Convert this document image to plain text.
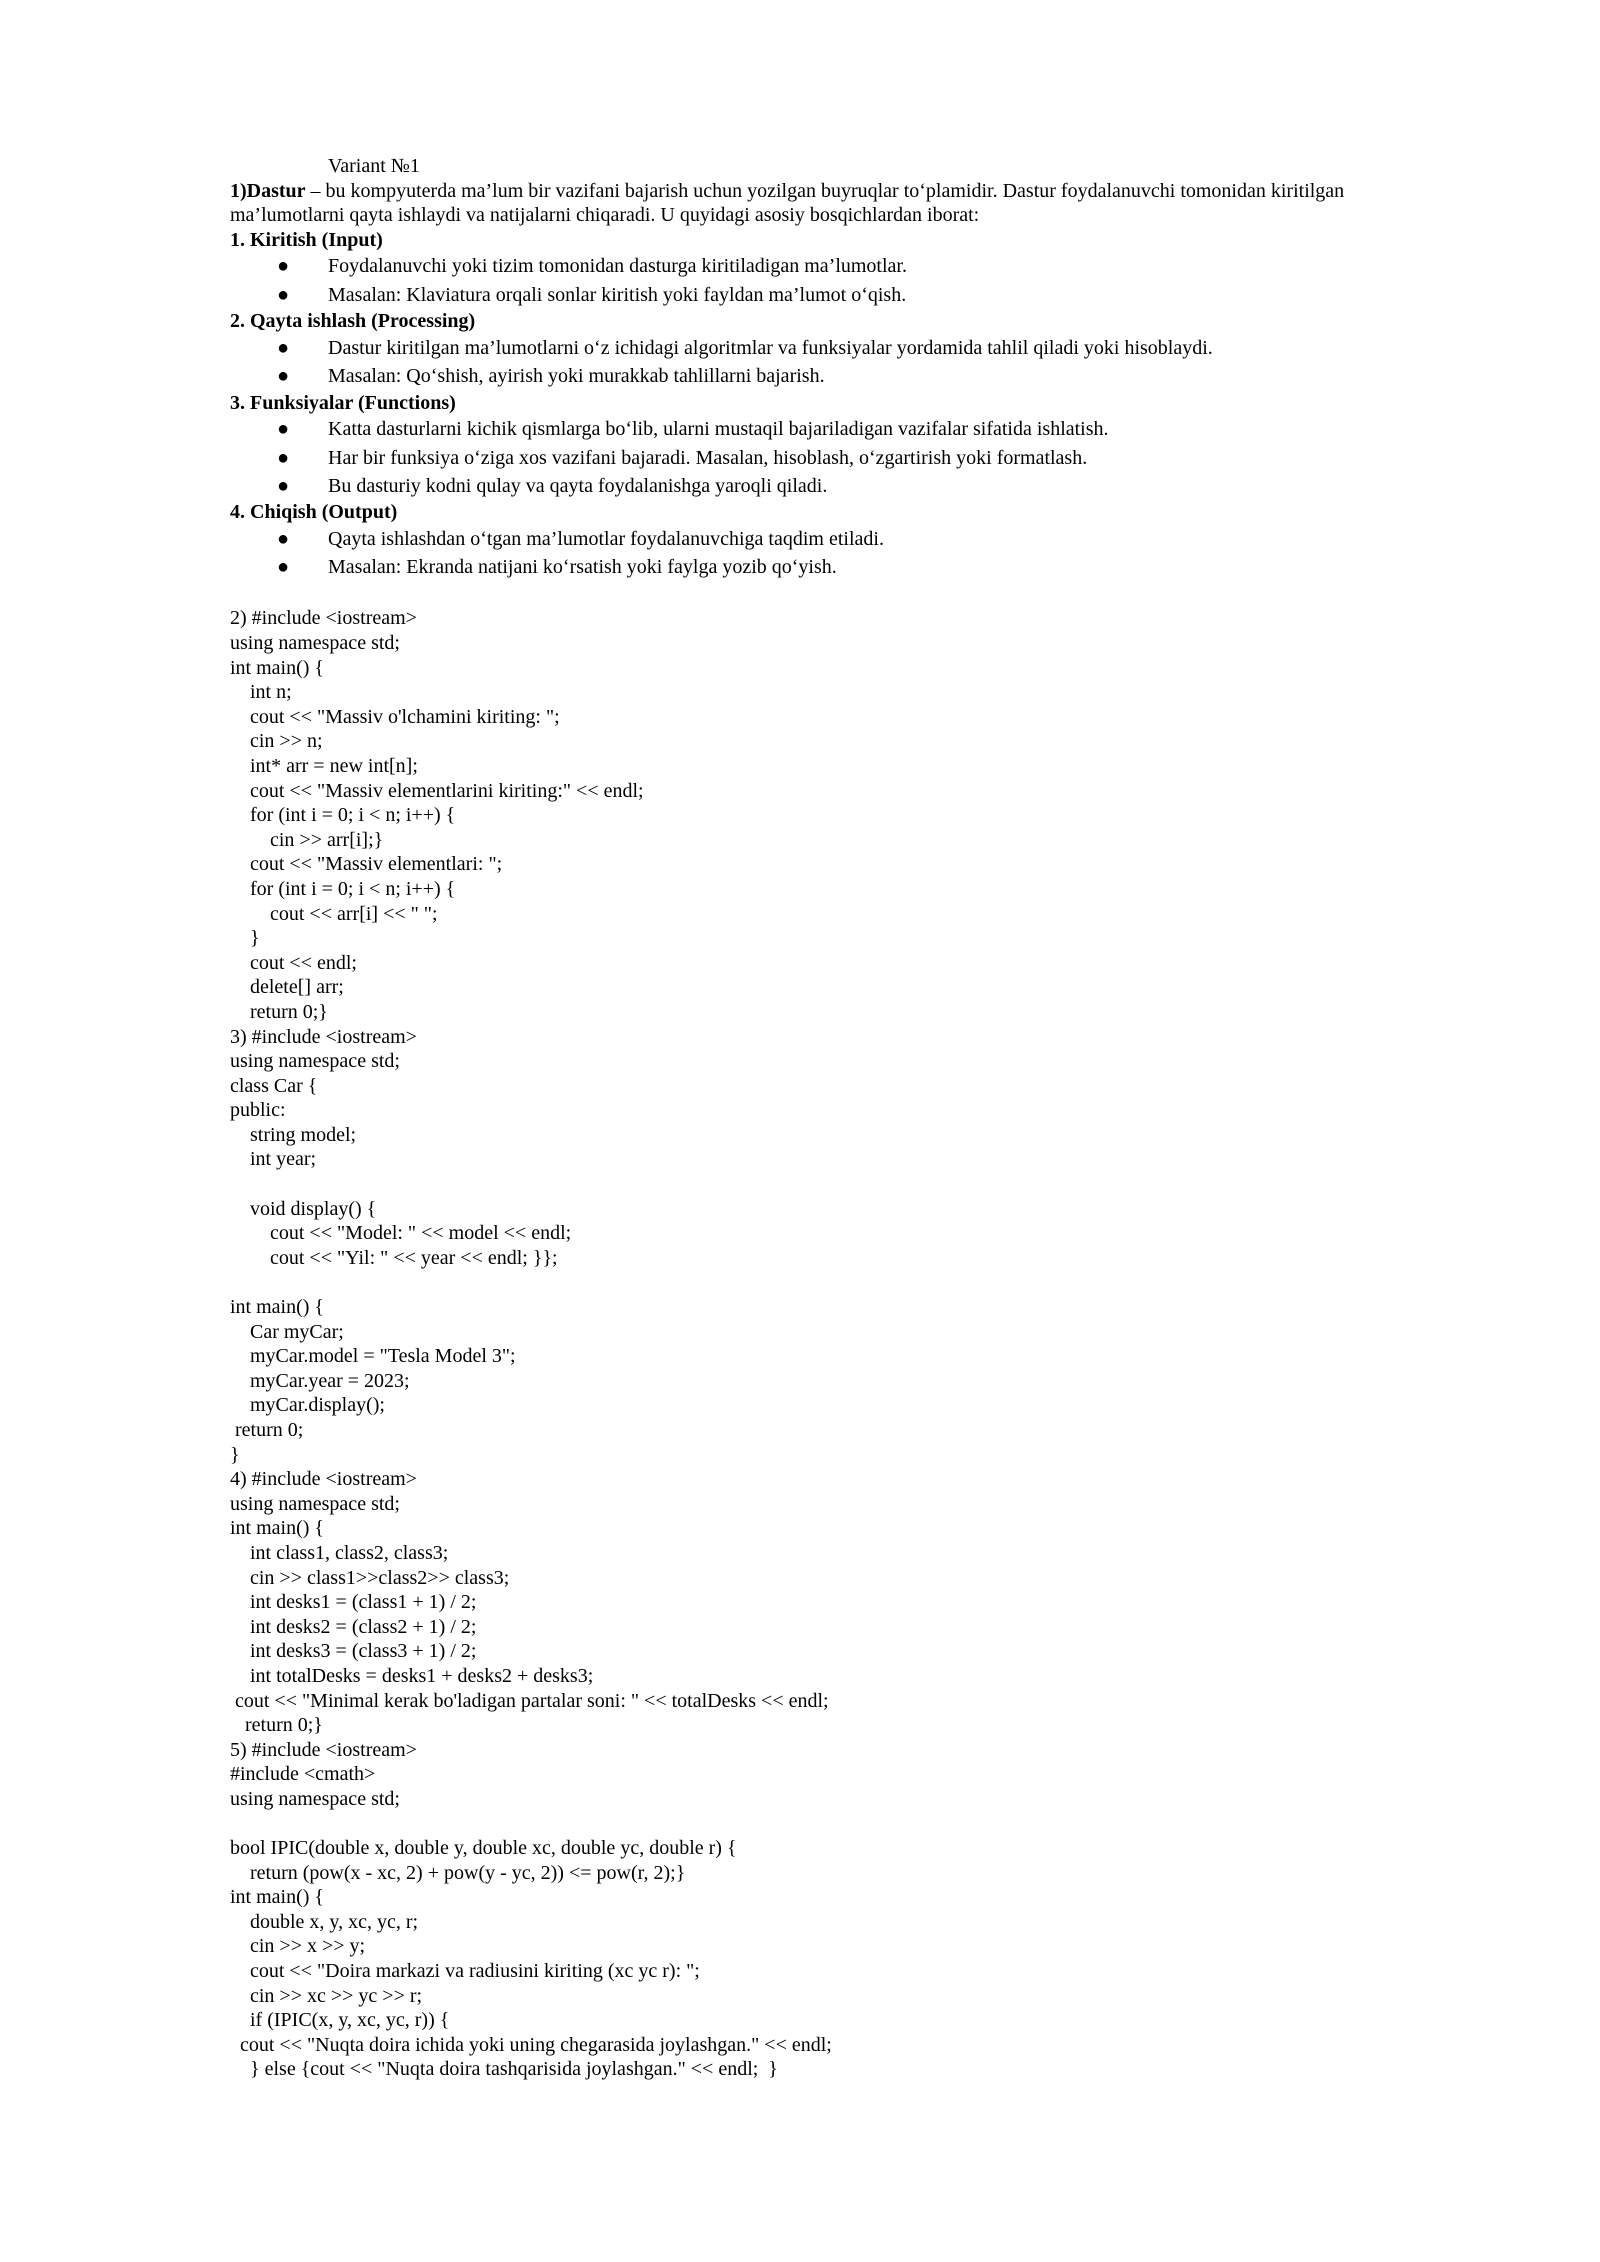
Variant №1
1)Dastur – bu kompyuterda ma’lum bir vazifani bajarish uchun yozilgan buyruqlar to‘plamidir. Dastur foydalanuvchi tomonidan kiritilgan ma’lumotlarni qayta ishlaydi va natijalarni chiqaradi. U quyidagi asosiy bosqichlardan iborat:
1. Kiritish (Input)
● Foydalanuvchi yoki tizim tomonidan dasturga kiritiladigan ma’lumotlar.
● Masalan: Klaviatura orqali sonlar kiritish yoki fayldan ma’lumot o‘qish.
2. Qayta ishlash (Processing)
● Dastur kiritilgan ma’lumotlarni o‘z ichidagi algoritmlar va funksiyalar yordamida tahlil qiladi yoki hisoblaydi.
● Masalan: Qo‘shish, ayirish yoki murakkab tahlillarni bajarish.
3. Funksiyalar (Functions)
● Katta dasturlarni kichik qismlarga bo‘lib, ularni mustaqil bajariladigan vazifalar sifatida ishlatish.
● Har bir funksiya o‘ziga xos vazifani bajaradi. Masalan, hisoblash, o‘zgartirish yoki formatlash.
● Bu dasturiy kodni qulay va qayta foydalanishga yaroqli qiladi.
4. Chiqish (Output)
● Qayta ishlashdan o‘tgan ma’lumotlar foydalanuvchiga taqdim etiladi.
● Masalan: Ekranda natijani ko‘rsatish yoki faylga yozib qo‘yish.
2) #include <iostream>
using namespace std;
int main() {
int n;
cout << "Massiv o'lchamini kiriting: ";
cin >> n;
int* arr = new int[n];
cout << "Massiv elementlarini kiriting:" << endl;
for (int i = 0; i < n; i++) {
cin >> arr[i];}
cout << "Massiv elementlari: ";
for (int i = 0; i < n; i++) {
cout << arr[i] << " ";
}
cout << endl;
delete[] arr;
return 0;}
3) #include <iostream>
using namespace std;
class Car {
public:
string model;
int year;
void display() {
cout << "Model: " << model << endl;
cout << "Yil: " << year << endl; }};
int main() {
Car myCar;
myCar.model = "Tesla Model 3";
myCar.year = 2023;
myCar.display();
return 0;
}
4) #include <iostream>
using namespace std;
int main() {
int class1, class2, class3;
cin >> class1>>class2>> class3;
int desks1 = (class1 + 1) / 2;
int desks2 = (class2 + 1) / 2;
int desks3 = (class3 + 1) / 2;
int totalDesks = desks1 + desks2 + desks3;
cout << "Minimal kerak bo'ladigan partalar soni: " << totalDesks << endl;
return 0;}
5) #include <iostream>
#include <cmath>
using namespace std;
bool IPIC(double x, double y, double xc, double yc, double r) {
return (pow(x - xc, 2) + pow(y - yc, 2)) <= pow(r, 2);}
int main() {
double x, y, xc, yc, r;
cin >> x >> y;
cout << "Doira markazi va radiusini kiriting (xc yc r): ";
cin >> xc >> yc >> r;
if (IPIC(x, y, xc, yc, r)) {
cout << "Nuqta doira ichida yoki uning chegarasida joylashgan." << endl;
} else {cout << "Nuqta doira tashqarisida joylashgan." << endl;  }
